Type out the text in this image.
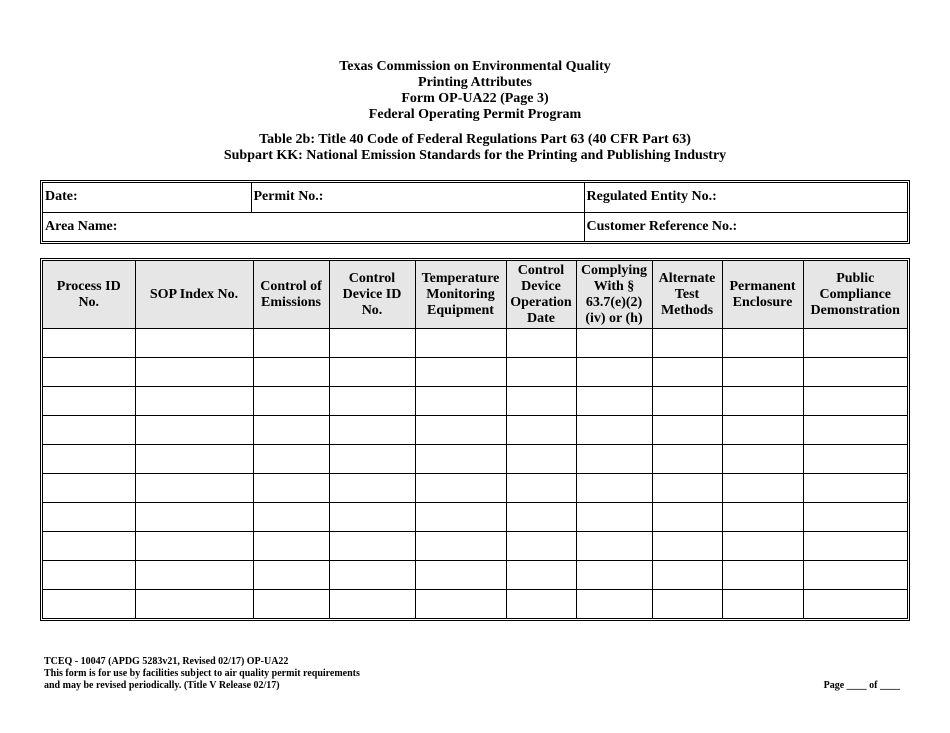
Texas Commission on Environmental Quality
Printing Attributes
Form OP-UA22 (Page 3)
Federal Operating Permit Program
Table 2b: Title 40 Code of Federal Regulations Part 63 (40 CFR Part 63)
Subpart KK: National Emission Standards for the Printing and Publishing Industry
Date:	Permit No.:	Regulated Entity No.:
Area Name:		Customer Reference No.:
Process ID No.	SOP Index No.	Control of Emissions	Control Device ID No.	Temperature Monitoring Equipment	Control Device Operation Date	Complying With § 63.7(e)(2)(iv) or (h)	Alternate Test Methods	Permanent Enclosure	Public Compliance Demonstration

TCEQ - 10047 (APDG 5283v21, Revised 02/17) OP-UA22
This form is for use by facilities subject to air quality permit requirements
and may be revised periodically. (Title V Release 02/17)	Page ____ of ____
